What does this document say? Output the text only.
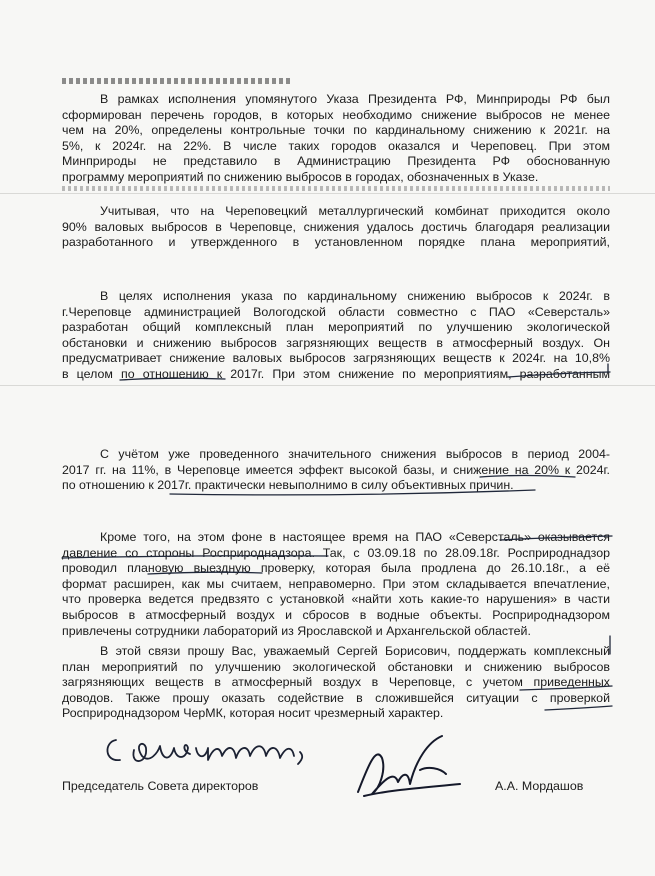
В рамках исполнения упомянутого Указа Президента РФ, Минприроды РФ был
сформирован перечень городов, в которых необходимо снижение выбросов не менее
чем на 20%, определены контрольные точки по кардинальному снижению к 2021г. на
5%, к 2024г. на 22%. В числе таких городов оказался и Череповец. При этом
Минприроды не представило в Администрацию Президента РФ обоснованную
программу мероприятий по снижению выбросов в городах, обозначенных в Указе.
Учитывая, что на Череповецкий металлургический комбинат приходится около
90% валовых выбросов в Череповце, снижения удалось достичь благодаря реализации
разработанного и утвержденного в установленном порядке плана мероприятий,
В целях исполнения указа по кардинальному снижению выбросов к 2024г. в
г.Череповце администрацией Вологодской области совместно с ПАО «Северсталь»
разработан общий комплексный план мероприятий по улучшению экологической
обстановки и снижению выбросов загрязняющих веществ в атмосферный воздух. Он
предусматривает снижение валовых выбросов загрязняющих веществ к 2024г. на 10,8%
в целом по отношению к 2017г. При этом снижение по мероприятиям, разработанным
С учётом уже проведенного значительного снижения выбросов в период 2004-
2017 гг. на 11%, в Череповце имеется эффект высокой базы, и снижение на 20% к 2024г.
по отношению к 2017г. практически невыполнимо в силу объективных причин.
Кроме того, на этом фоне в настоящее время на ПАО «Северсталь» оказывается
давление со стороны Росприроднадзора. Так, с 03.09.18 по 28.09.18г. Росприроднадзор
проводил плановую выездную проверку, которая была продлена до 26.10.18г., а её
формат расширен, как мы считаем, неправомерно. При этом складывается впечатление,
что проверка ведется предвзято с установкой «найти хоть какие-то нарушения» в части
выбросов в атмосферный воздух и сбросов в водные объекты. Росприроднадзором
привлечены сотрудники лабораторий из Ярославской и Архангельской областей.
В этой связи прошу Вас, уважаемый Сергей Борисович, поддержать комплексный
план мероприятий по улучшению экологической обстановки и снижению выбросов
загрязняющих веществ в атмосферный воздух в Череповце, с учетом приведенных
доводов. Также прошу оказать содействие в сложившейся ситуации с проверкой
Росприроднадзором ЧерМК, которая носит чрезмерный характер.
Председатель Совета директоров	А.А. Мордашов
